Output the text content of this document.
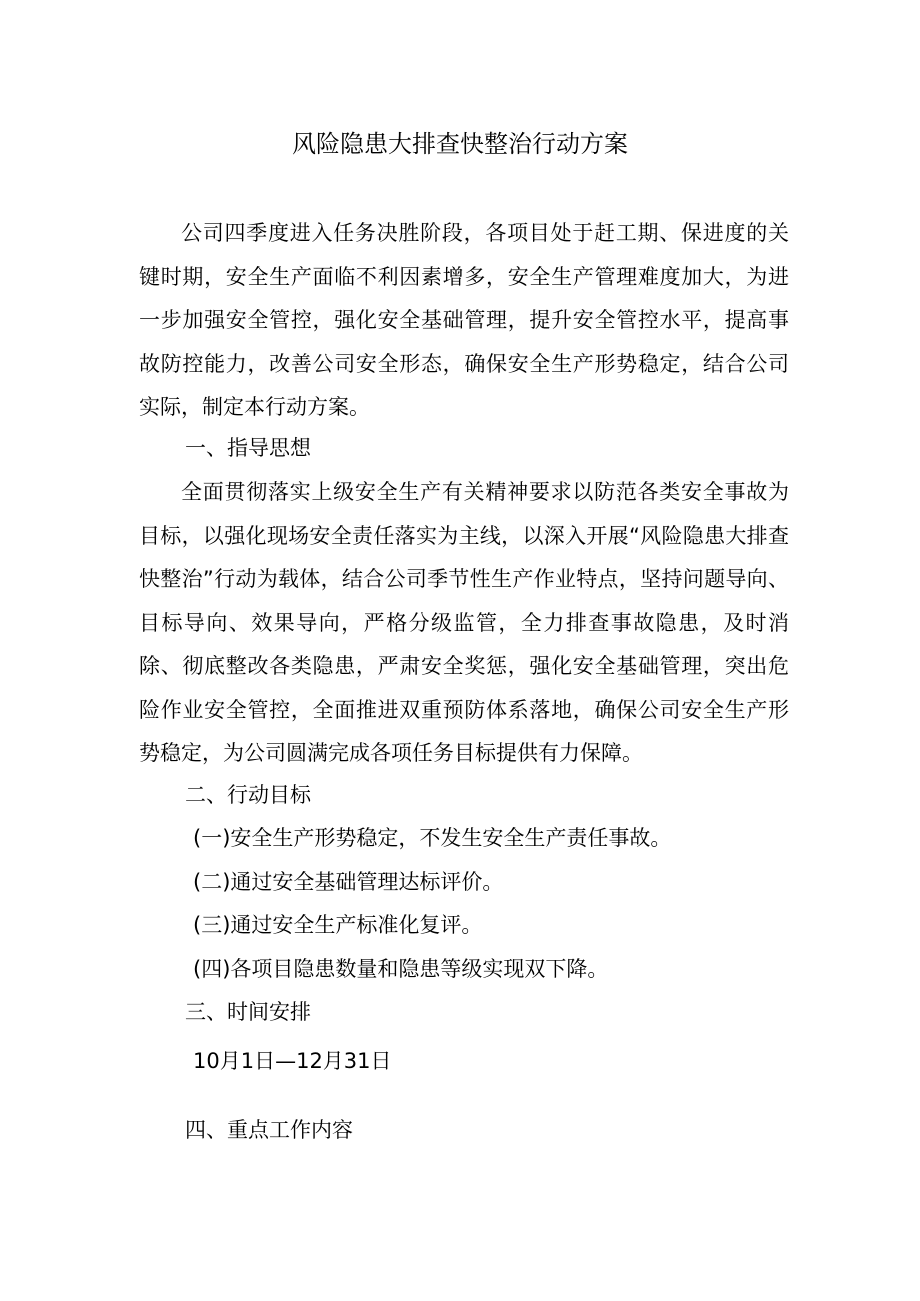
风险隐患大排查快整治行动方案

公司四季度进入任务决胜阶段，各项目处于赶工期、保进度的关键时期，安全生产面临不利因素增多，安全生产管理难度加大，为进一步加强安全管控，强化安全基础管理，提升安全管控水平，提高事故防控能力，改善公司安全形态，确保安全生产形势稳定，结合公司实际，制定本行动方案。

一、指导思想

全面贯彻落实上级安全生产有关精神要求以防范各类安全事故为目标，以强化现场安全责任落实为主线，以深入开展“风险隐患大排查快整治”行动为载体，结合公司季节性生产作业特点，坚持问题导向、目标导向、效果导向，严格分级监管，全力排查事故隐患，及时消除、彻底整改各类隐患，严肃安全奖惩，强化安全基础管理，突出危险作业安全管控，全面推进双重预防体系落地，确保公司安全生产形势稳定，为公司圆满完成各项任务目标提供有力保障。

二、行动目标
(一)安全生产形势稳定，不发生安全生产责任事故。
(二)通过安全基础管理达标评价。
(三)通过安全生产标准化复评。
(四)各项目隐患数量和隐患等级实现双下降。
三、时间安排
10月1日—12月31日
四、重点工作内容
